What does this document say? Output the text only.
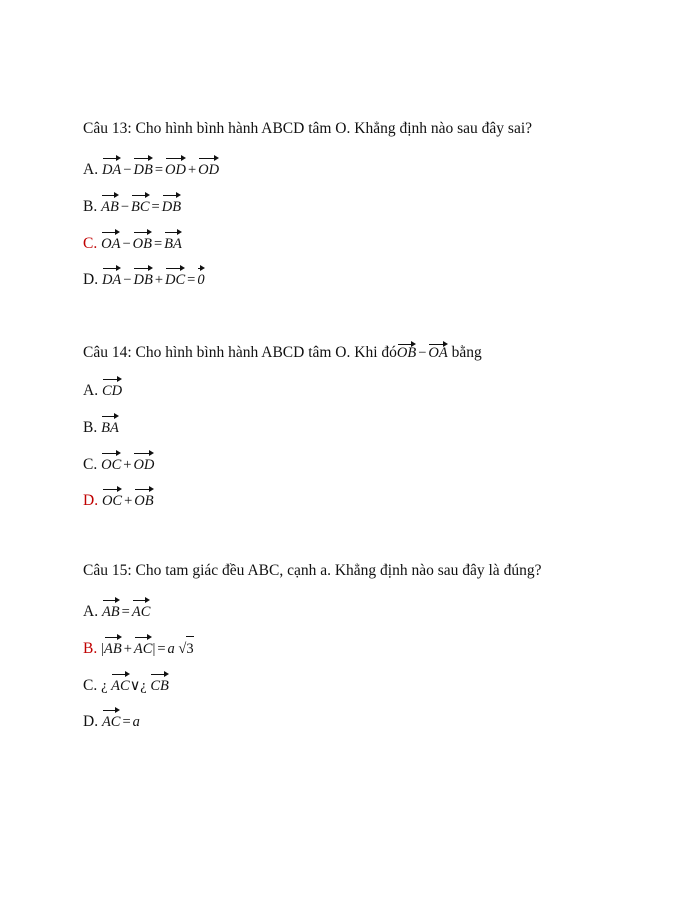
Câu 13: Cho hình bình hành ABCD tâm O. Khẳng định nào sau đây sai?
A. DA − DB = OD + OD
B. AB − BC = DB
C. OA − OB = BA
D. DA − DB + DC = 0
Câu 14: Cho hình bình hành ABCD tâm O. Khi đóOB − OA bằng
A. CD
B. BA
C. OC + OD
D. OC + OB
Câu 15: Cho tam giác đều ABC, cạnh a. Khẳng định nào sau đây là đúng?
A. AB = AC
B. |AB + AC| = a √3
C. ¿ AC∨¿ CB
D. AC = a
